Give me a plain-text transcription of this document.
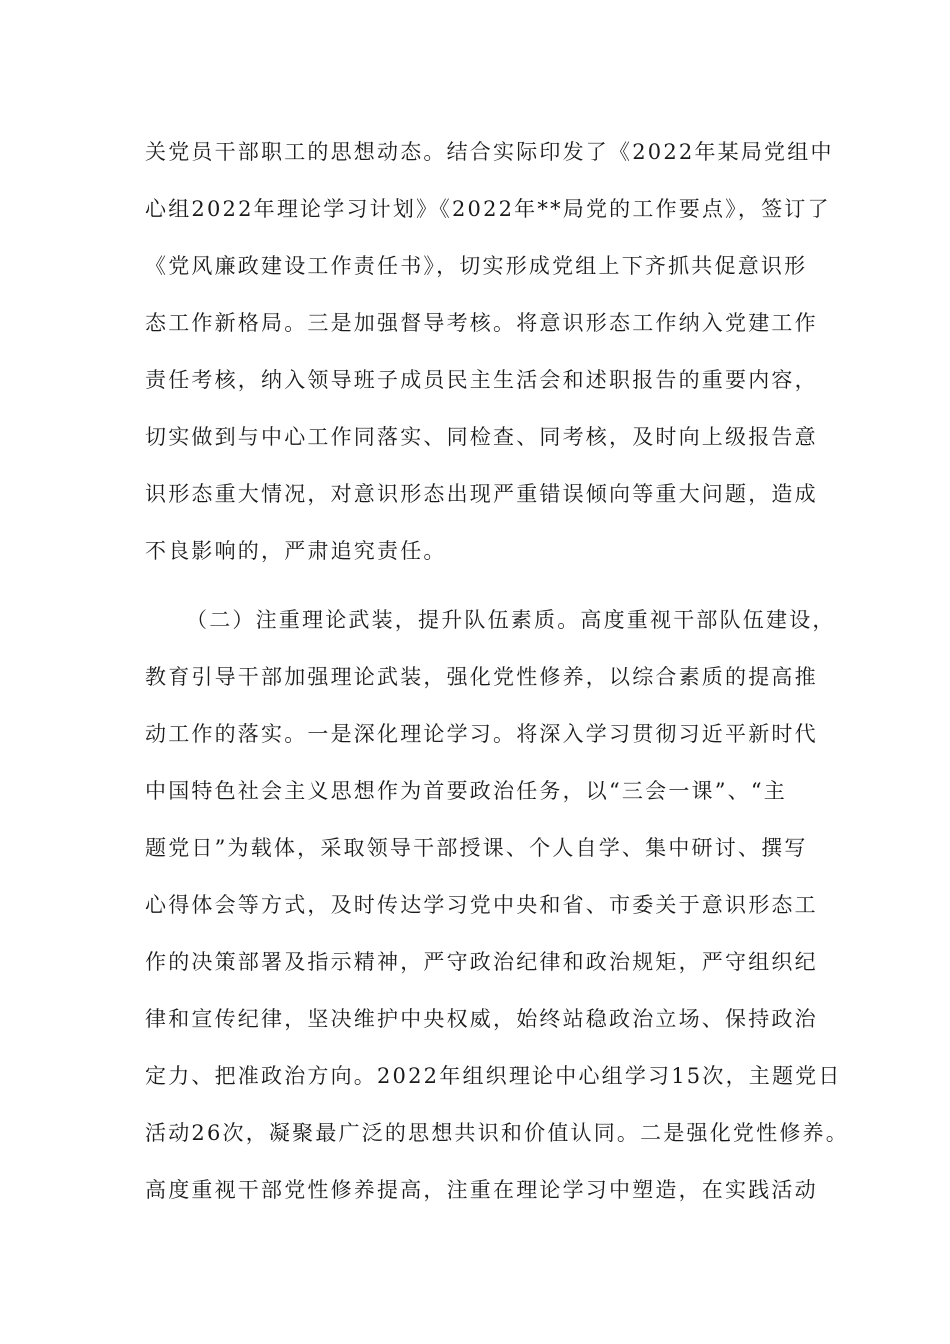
关党员干部职工的思想动态。结合实际印发了《2022年某局党组中
心组2022年理论学习计划》《2022年**局党的工作要点》，签订了
《党风廉政建设工作责任书》，切实形成党组上下齐抓共促意识形
态工作新格局。三是加强督导考核。将意识形态工作纳入党建工作
责任考核，纳入领导班子成员民主生活会和述职报告的重要内容，
切实做到与中心工作同落实、同检查、同考核，及时向上级报告意
识形态重大情况，对意识形态出现严重错误倾向等重大问题，造成
不良影响的，严肃追究责任。
（二）注重理论武装，提升队伍素质。高度重视干部队伍建设，
教育引导干部加强理论武装，强化党性修养，以综合素质的提高推
动工作的落实。一是深化理论学习。将深入学习贯彻习近平新时代
中国特色社会主义思想作为首要政治任务，以“三会一课”、“主
题党日”为载体，采取领导干部授课、个人自学、集中研讨、撰写
心得体会等方式，及时传达学习党中央和省、市委关于意识形态工
作的决策部署及指示精神，严守政治纪律和政治规矩，严守组织纪
律和宣传纪律，坚决维护中央权威，始终站稳政治立场、保持政治
定力、把准政治方向。2022年组织理论中心组学习15次，主题党日
活动26次，凝聚最广泛的思想共识和价值认同。二是强化党性修养。
高度重视干部党性修养提高，注重在理论学习中塑造，在实践活动
